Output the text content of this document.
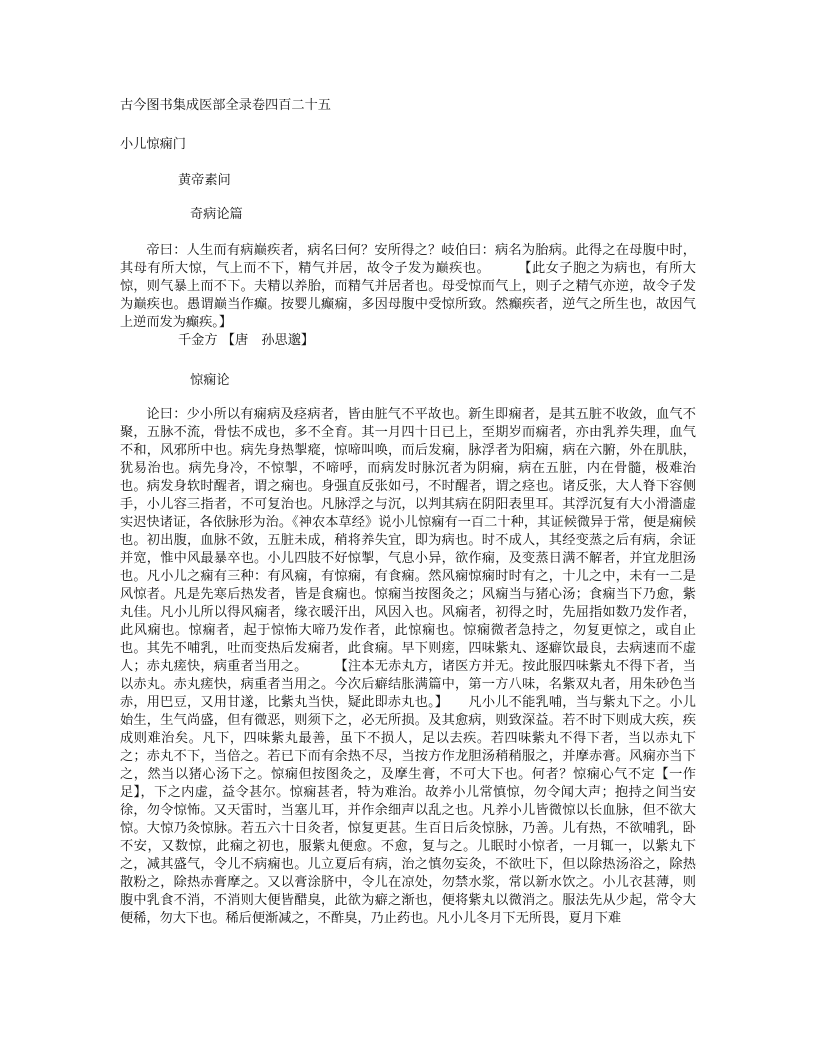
古今图书集成医部全录卷四百二十五
小儿惊痫门
黄帝素问
奇病论篇

帝曰：人生而有病巅疾者，病名曰何？安所得之？岐伯曰：病名为胎病。此得之在母腹中时，其母有所大惊，气上而不下，精气并居，故令子发为巅疾也。　　　【此女子胞之为病也，有所大惊，则气暴上而不下。夫精以养胎，而精气并居者也。母受惊而气上，则子之精气亦逆，故令子发为巅疾也。愚谓巅当作癫。按婴儿癫痫，多因母腹中受惊所致。然癫疾者，逆气之所生也，故因气上逆而发为癫疾。】

千金方 【唐　孙思邈】
惊痫论

论曰：少小所以有痫病及痉病者，皆由脏气不平故也。新生即痫者，是其五脏不收敛，血气不聚，五脉不流，骨怯不成也，多不全育。其一月四十日已上，至期岁而痫者，亦由乳养失理，血气不和，风邪所中也。病先身热掣瘲，惊啼叫唤，而后发痫，脉浮者为阳痫，病在六腑，外在肌肤，犹易治也。病先身冷，不惊掣，不啼呼，而病发时脉沉者为阴痫，病在五脏，内在骨髓，极难治也。病发身软时醒者，谓之痫也。身强直反张如弓，不时醒者，谓之痉也。诸反张，大人脊下容侧手，小儿容三指者，不可复治也。凡脉浮之与沉，以判其病在阴阳表里耳。其浮沉复有大小滑濇虚实迟快诸证，各依脉形为治。《神农本草经》说小儿惊痫有一百二十种，其证候微异于常，便是痫候也。初出腹，血脉不敛，五脏未成，稍将养失宜，即为病也。时不成人，其经变蒸之后有病，余证并宽，惟中风最暴卒也。小儿四肢不好惊掣，气息小异，欲作痫，及变蒸日满不解者，并宜龙胆汤也。凡小儿之痫有三种：有风痫，有惊痫，有食痫。然风痫惊痫时时有之，十儿之中，未有一二是风惊者。凡是先寒后热发者，皆是食痫也。惊痫当按图灸之；风痫当与猪心汤；食痫当下乃愈，紫丸佳。凡小儿所以得风痫者，缘衣暖汗出，风因入也。风痫者，初得之时，先屈指如数乃发作者，此风痫也。惊痫者，起于惊怖大啼乃发作者，此惊痫也。惊痫微者急持之，勿复更惊之，或自止也。其先不哺乳，吐而变热后发痫者，此食痫。早下则瘥，四味紫丸、逐癖饮最良，去病速而不虚人；赤丸瘥快，病重者当用之。　　　【注本无赤丸方，诸医方并无。按此服四味紫丸不得下者，当以赤丸。赤丸瘥快，病重者当用之。今次后癖结胀满篇中，第一方八味，名紫双丸者，用朱砂色当赤，用巴豆，又用甘遂，比紫丸当快，疑此即赤丸也。】　　凡小儿不能乳哺，当与紫丸下之。小儿始生，生气尚盛，但有微恶，则须下之，必无所损。及其愈病，则致深益。若不时下则成大疾，疾成则难治矣。凡下，四味紫丸最善，虽下不损人，足以去疾。若四味紫丸不得下者，当以赤丸下之；赤丸不下，当倍之。若已下而有余热不尽，当按方作龙胆汤稍稍服之，并摩赤膏。风痫亦当下之，然当以猪心汤下之。惊痫但按图灸之，及摩生膏，不可大下也。何者？惊痫心气不定【一作足】，下之内虚，益令甚尔。惊痫甚者，特为难治。故养小儿常慎惊，勿令闻大声；抱持之间当安徐，勿令惊怖。又天雷时，当塞儿耳，并作余细声以乱之也。凡养小儿皆微惊以长血脉，但不欲大惊。大惊乃灸惊脉。若五六十日灸者，惊复更甚。生百日后灸惊脉，乃善。儿有热，不欲哺乳，卧不安，又数惊，此痫之初也，服紫丸便愈。不愈，复与之。儿眠时小惊者，一月辄一，以紫丸下之，减其盛气，令儿不病痫也。儿立夏后有病，治之慎勿妄灸，不欲吐下，但以除热汤浴之，除热散粉之，除热赤膏摩之。又以膏涂脐中，令儿在凉处，勿禁水浆，常以新水饮之。小儿衣甚薄，则腹中乳食不消，不消则大便皆醋臭，此欲为癖之渐也，便将紫丸以微消之。服法先从少起，常令大便稀，勿大下也。稀后便渐减之，不酢臭，乃止药也。凡小儿冬月下无所畏，夏月下难
